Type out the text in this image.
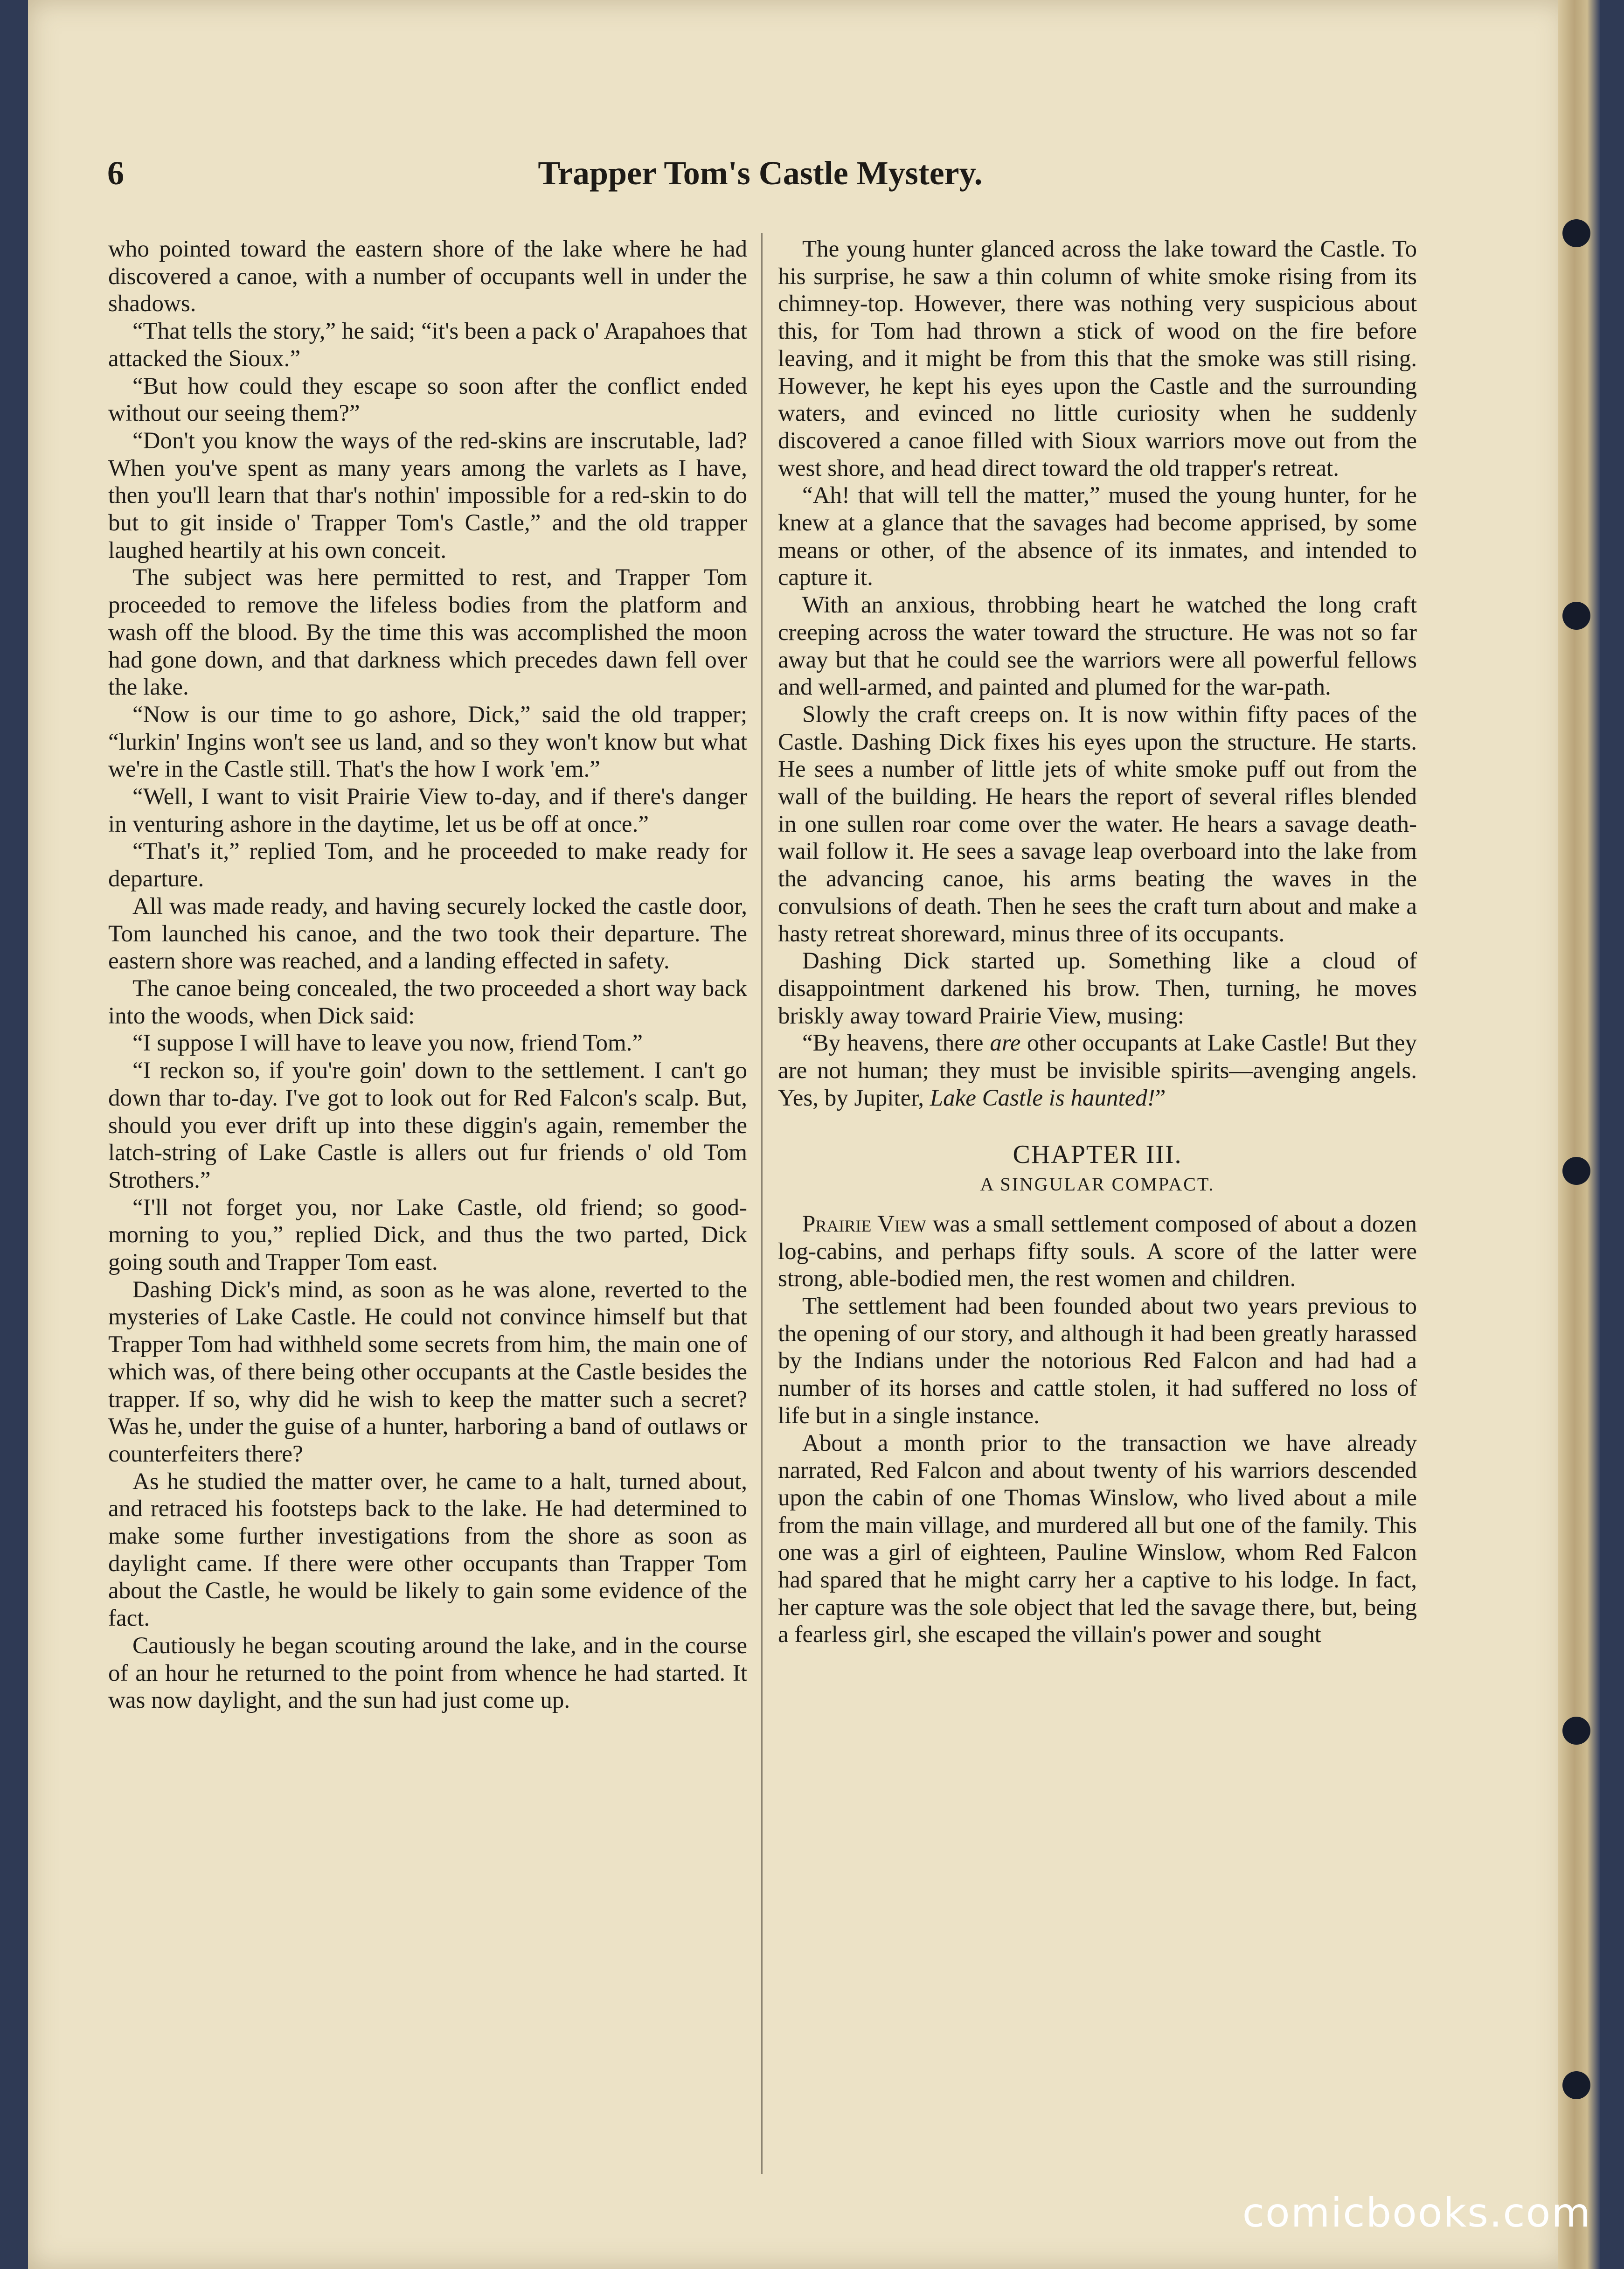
6	Trapper Tom's Castle Mystery.

who pointed toward the eastern shore of the lake where he had discovered a canoe, with a number of occupants well in under the shadows.

“That tells the story,” he said; “it's been a pack o' Arapahoes that attacked the Sioux.”

“But how could they escape so soon after the conflict ended without our seeing them?”

“Don't you know the ways of the red-skins are inscrutable, lad? When you've spent as many years among the varlets as I have, then you'll learn that thar's nothin' impossible for a red-skin to do but to git inside o' Trapper Tom's Castle,” and the old trapper laughed heartily at his own conceit.

The subject was here permitted to rest, and Trapper Tom proceeded to remove the lifeless bodies from the platform and wash off the blood. By the time this was accomplished the moon had gone down, and that darkness which precedes dawn fell over the lake.

“Now is our time to go ashore, Dick,” said the old trapper; “lurkin' Ingins won't see us land, and so they won't know but what we're in the Castle still. That's the how I work 'em.”

“Well, I want to visit Prairie View to-day, and if there's danger in venturing ashore in the daytime, let us be off at once.”

“That's it,” replied Tom, and he proceeded to make ready for departure.

All was made ready, and having securely locked the castle door, Tom launched his canoe, and the two took their departure. The eastern shore was reached, and a landing effected in safety.

The canoe being concealed, the two proceeded a short way back into the woods, when Dick said:

“I suppose I will have to leave you now, friend Tom.”

“I reckon so, if you're goin' down to the settlement. I can't go down thar to-day. I've got to look out for Red Falcon's scalp. But, should you ever drift up into these diggin's again, remember the latch-string of Lake Castle is allers out fur friends o' old Tom Strothers.”

“I'll not forget you, nor Lake Castle, old friend; so good-morning to you,” replied Dick, and thus the two parted, Dick going south and Trapper Tom east.

Dashing Dick's mind, as soon as he was alone, reverted to the mysteries of Lake Castle. He could not convince himself but that Trapper Tom had withheld some secrets from him, the main one of which was, of there being other occupants at the Castle besides the trapper. If so, why did he wish to keep the matter such a secret? Was he, under the guise of a hunter, harboring a band of outlaws or counterfeiters there?

As he studied the matter over, he came to a halt, turned about, and retraced his footsteps back to the lake. He had determined to make some further investigations from the shore as soon as daylight came. If there were other occupants than Trapper Tom about the Castle, he would be likely to gain some evidence of the fact.

Cautiously he began scouting around the lake, and in the course of an hour he returned to the point from whence he had started. It was now daylight, and the sun had just come up.

The young hunter glanced across the lake toward the Castle. To his surprise, he saw a thin column of white smoke rising from its chimney-top. However, there was nothing very suspicious about this, for Tom had thrown a stick of wood on the fire before leaving, and it might be from this that the smoke was still rising. However, he kept his eyes upon the Castle and the surrounding waters, and evinced no little curiosity when he suddenly discovered a canoe filled with Sioux warriors move out from the west shore, and head direct toward the old trapper's retreat.

“Ah! that will tell the matter,” mused the young hunter, for he knew at a glance that the savages had become apprised, by some means or other, of the absence of its inmates, and intended to capture it.

With an anxious, throbbing heart he watched the long craft creeping across the water toward the structure. He was not so far away but that he could see the warriors were all powerful fellows and well-armed, and painted and plumed for the war-path.

Slowly the craft creeps on. It is now within fifty paces of the Castle. Dashing Dick fixes his eyes upon the structure. He starts. He sees a number of little jets of white smoke puff out from the wall of the building. He hears the report of several rifles blended in one sullen roar come over the water. He hears a savage death-wail follow it. He sees a savage leap overboard into the lake from the advancing canoe, his arms beating the waves in the convulsions of death. Then he sees the craft turn about and make a hasty retreat shoreward, minus three of its occupants.

Dashing Dick started up. Something like a cloud of disappointment darkened his brow. Then, turning, he moves briskly away toward Prairie View, musing:

“By heavens, there are other occupants at Lake Castle! But they are not human; they must be invisible spirits—avenging angels. Yes, by Jupiter, Lake Castle is haunted!”

CHAPTER III.
A SINGULAR COMPACT.

Prairie View was a small settlement composed of about a dozen log-cabins, and perhaps fifty souls. A score of the latter were strong, able-bodied men, the rest women and children.

The settlement had been founded about two years previous to the opening of our story, and although it had been greatly harassed by the Indians under the notorious Red Falcon and had had a number of its horses and cattle stolen, it had suffered no loss of life but in a single instance.

About a month prior to the transaction we have already narrated, Red Falcon and about twenty of his warriors descended upon the cabin of one Thomas Winslow, who lived about a mile from the main village, and murdered all but one of the family. This one was a girl of eighteen, Pauline Winslow, whom Red Falcon had spared that he might carry her a captive to his lodge. In fact, her capture was the sole object that led the savage there, but, being a fearless girl, she escaped the villain's power and sought

comicbooks.com
